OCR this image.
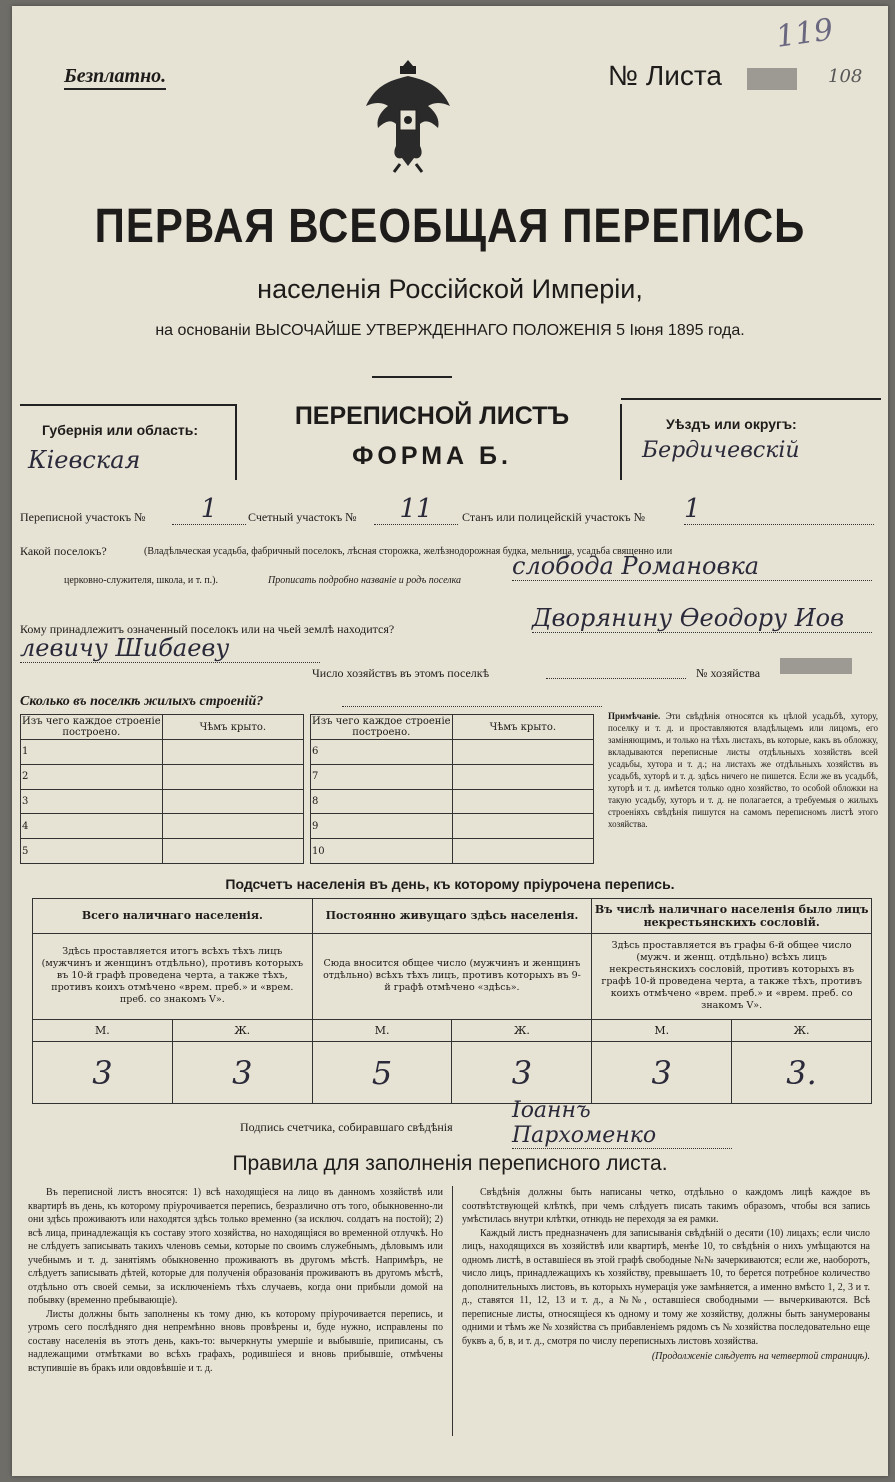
Безплатно.	№ Листа
119
108
ПЕРВАЯ ВСЕОБЩАЯ ПЕРЕПИСЬ
населенія Россійской Имперіи,
на основаніи ВЫСОЧАЙШЕ УТВЕРЖДЕННАГО ПОЛОЖЕНІЯ 5 Іюня 1895 года.
Губернія или область:
Кіевская
ПЕРЕПИСНОЙ ЛИСТЪ
ФОРМА Б.
Уѣздъ или округъ:
Бердичевскій
Переписной участокъ №	1	Счетный участокъ №	11	Станъ или полицейскій участокъ № 1
Какой поселокъ?	(Владѣльческая усадьба, фабричный поселокъ, лѣсная сторожка, желѣзнодорожная будка, мельница, усадьба священно или
церковно-служителя, школа, и т. п.).	Прописать подробно названіе и родъ поселка
слобода Романовка
Кому принадлежитъ означенный поселокъ или на чьей землѣ находится?	Дворянину Өеодору Иов
левичу Шибаеву
Число хозяйствъ въ этомъ поселкѣ	№ хозяйства
Сколько въ поселкѣ жилыхъ строеній?
Изъ чего каждое строеніе построено.	Чѣмъ крыто.		Изъ чего каждое строеніе построено.	Чѣмъ крыто.
1			6	
2			7	
3			8	
4			9	
5			10	
Примѣчаніе. Эти свѣдѣнія относятся къ цѣлой усадьбѣ, хутору, поселку и т. д. и проставляются владѣльцемъ или лицомъ, его заміняющимъ, и только на тѣхъ листахъ, въ которые, какъ въ обложку, вкладываются переписные листы отдѣльныхъ хозяйствъ всей усадьбы, хутора и т. д.; на листахъ же отдѣльныхъ хозяйствъ въ усадьбѣ, хуторѣ и т. д. здѣсь ничего не пишется. Если же въ усадьбѣ, хуторѣ и т. д. имѣется только одно хозяйство, то особой обложки на такую усадьбу, хуторъ и т. д. не полагается, а требуемыя о жилыхъ строеніяхъ свѣдѣнія пишутся на самомъ переписномъ листѣ этого хозяйства.
Подсчетъ населенія въ день, къ которому пріурочена перепись.
Всего наличнаго населенія.		Постоянно живущаго здѣсь населенія.		Въ числѣ наличнаго населенія было лицъ некрестьянскихъ сословій.	
Здѣсь проставляется итогъ всѣхъ тѣхъ лицъ (мужчинъ и женщинъ отдѣльно), противъ которыхъ въ 10-й графѣ проведена черта, а также тѣхъ, противъ коихъ отмѣчено «врем. преб.» и «врем. преб. со знакомъ V».		Сюда вносится общее число (мужчинъ и женщинъ отдѣльно) всѣхъ тѣхъ лицъ, противъ которыхъ въ 9-й графѣ отмѣчено «здѣсь».		Здѣсь проставляется въ графы 6-й общее число (мужч. и женщ. отдѣльно) всѣхъ лицъ некрестьянскихъ сословій, противъ которыхъ въ графѣ 10-й проведена черта, а также тѣхъ, противъ коихъ отмѣчено «врем. преб.» и «врем. преб. со знакомъ V».	
М.	Ж.	М.	Ж.	М.	Ж.
3	3	5	3	3	3.
Подпись счетчика, собиравшаго свѣдѣнія
Іоаннъ Пархоменко
Правила для заполненія переписного листа.
Въ переписной листъ вносятся: 1) всѣ находящіеся на лицо въ данномъ хозяйствѣ или квартирѣ въ день, къ которому пріурочивается перепись, безразлично отъ того, обыкновенно-ли они здѣсь проживаютъ или находятся здѣсь только временно (за исключ. солдатъ на постой); 2) всѣ лица, принадлежащія къ составу этого хозяйства, но находящіяся во временной отлучкѣ. Но не слѣдуетъ записывать такихъ членовъ семьи, которые по своимъ служебнымъ, дѣловымъ или учебнымъ и т. д. занятіямъ обыкновенно проживаютъ въ другомъ мѣстѣ. Напримѣръ, не слѣдуетъ записывать дѣтей, которые для полученія образованія проживаютъ въ другомъ мѣстѣ, отдѣльно отъ своей семьи, за исключеніемъ тѣхъ случаевъ, когда они прибыли домой на побывку (временно пребывающіе).
Листы должны быть заполнены къ тому дню, къ которому пріурочивается перепись, и утромъ сего послѣдняго дня непремѣнно вновь провѣрены и, буде нужно, исправлены по составу населенія въ этотъ день, какъ-то: вычеркнуты умершіе и выбывшіе, приписаны, съ надлежащими отмѣтками во всѣхъ графахъ, родившіеся и вновь прибывшіе, отмѣчены вступившіе въ бракъ или овдовѣвшіе и т. д.
Свѣдѣнія должны быть написаны четко, отдѣльно о каждомъ лицѣ каждое въ соотвѣтствующей клѣткѣ, при чемъ слѣдуетъ писать такимъ образомъ, чтобы вся запись умѣстилась внутри клѣтки, отнюдь не переходя за ея рамки.
Каждый листъ предназначенъ для записыванія свѣдѣній о десяти (10) лицахъ; если число лицъ, находящихся въ хозяйствѣ или квартирѣ, менѣе 10, то свѣдѣнія о нихъ умѣщаются на одномъ листѣ, в оставшіеся въ этой графѣ свободные №№ зачеркиваются; если же, наоборотъ, число лицъ, принадлежащихъ къ хозяйству, превышаетъ 10, то берется потребное количество дополнительныхъ листовъ, въ которыхъ нумерація уже замѣняется, а именно вмѣсто 1, 2, 3 и т. д., ставятся 11, 12, 13 и т. д., а №№, оставшіеся свободными — вычеркиваются. Всѣ переписные листы, относящіеся къ одному и тому же хозяйству, должны быть занумерованы одними и тѣмъ же № хозяйства съ прибавленіемъ рядомъ съ № хозяйства последовательно еще буквъ а, б, в, и т. д., смотря по числу переписныхъ листовъ хозяйства.
(Продолженіе слѣдуетъ на четвертой страницѣ).
